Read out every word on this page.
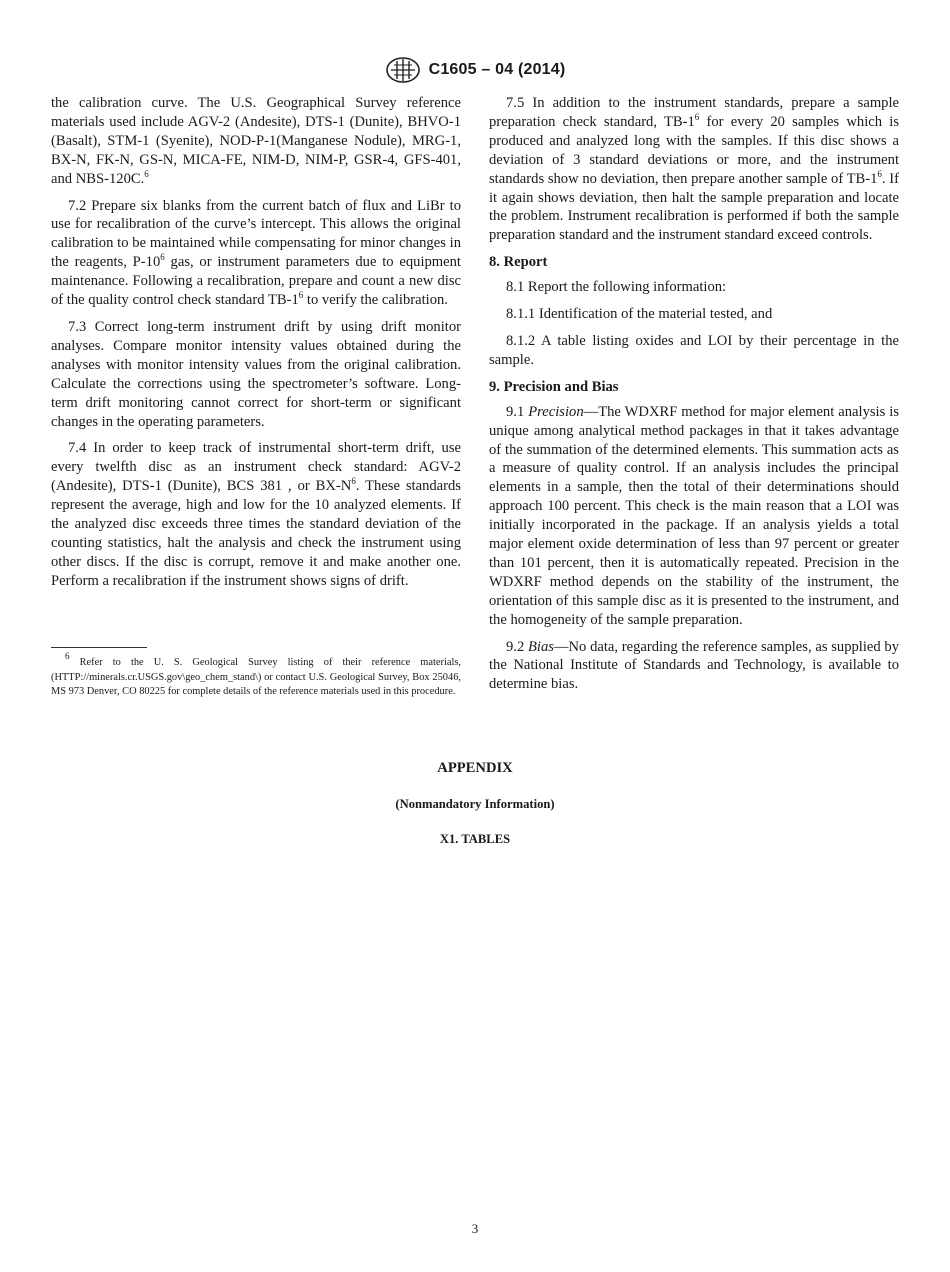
C1605 – 04 (2014)

the calibration curve. The U.S. Geographical Survey reference materials used include AGV-2 (Andesite), DTS-1 (Dunite), BHVO-1 (Basalt), STM-1 (Syenite), NOD-P-1(Manganese Nodule), MRG-1, BX-N, FK-N, GS-N, MICA-FE, NIM-D, NIM-P, GSR-4, GFS-401, and NBS-120C.$^6$

7.2 Prepare six blanks from the current batch of flux and LiBr to use for recalibration of the curve’s intercept. This allows the original calibration to be maintained while compensating for minor changes in the reagents, $P-10^6$ gas, or instrument parameters due to equipment maintenance. Following a recalibration, prepare and count a new disc of the quality control check standard $TB-1^6$ to verify the calibration.

7.3 Correct long-term instrument drift by using drift monitor analyses. Compare monitor intensity values obtained during the analyses with monitor intensity values from the original calibration. Calculate the corrections using the spectrometer’s software. Long-term drift monitoring cannot correct for short-term or significant changes in the operating parameters.

7.4 In order to keep track of instrumental short-term drift, use every twelfth disc as an instrument check standard: AGV-2 (Andesite), DTS-1 (Dunite), BCS 381 , or $BX-N^6$. These standards represent the average, high and low for the 10 analyzed elements. If the analyzed disc exceeds three times the standard deviation of the counting statistics, halt the analysis and check the instrument using other discs. If the disc is corrupt, remove it and make another one. Perform a recalibration if the instrument shows signs of drift.

$^6$ Refer to the U. S. Geological Survey listing of their reference materials, (HTTP://minerals.cr.USGS.gov\geo_chem_stand\) or contact U.S. Geological Survey, Box 25046, MS 973 Denver, CO 80225 for complete details of the reference materials used in this procedure.

7.5 In addition to the instrument standards, prepare a sample preparation check standard, $TB-1^6$ for every 20 samples which is produced and analyzed long with the samples. If this disc shows a deviation of 3 standard deviations or more, and the instrument standards show no deviation, then prepare another sample of $TB-1^6$. If it again shows deviation, then halt the sample preparation and locate the problem. Instrument recalibration is performed if both the sample preparation standard and the instrument standard exceed controls.

8. Report

8.1 Report the following information:

8.1.1 Identification of the material tested, and

8.1.2 A table listing oxides and LOI by their percentage in the sample.

9. Precision and Bias

9.1 Precision—The WDXRF method for major element analysis is unique among analytical method packages in that it takes advantage of the summation of the determined elements. This summation acts as a measure of quality control. If an analysis includes the principal elements in a sample, then the total of their determinations should approach 100 percent. This check is the main reason that a LOI was initially incorporated in the package. If an analysis yields a total major element oxide determination of less than 97 percent or greater than 101 percent, then it is automatically repeated. Precision in the WDXRF method depends on the stability of the instrument, the orientation of this sample disc as it is presented to the instrument, and the homogeneity of the sample preparation.

9.2 Bias—No data, regarding the reference samples, as supplied by the National Institute of Standards and Technology, is available to determine bias.

APPENDIX

(Nonmandatory Information)

X1. TABLES

3
